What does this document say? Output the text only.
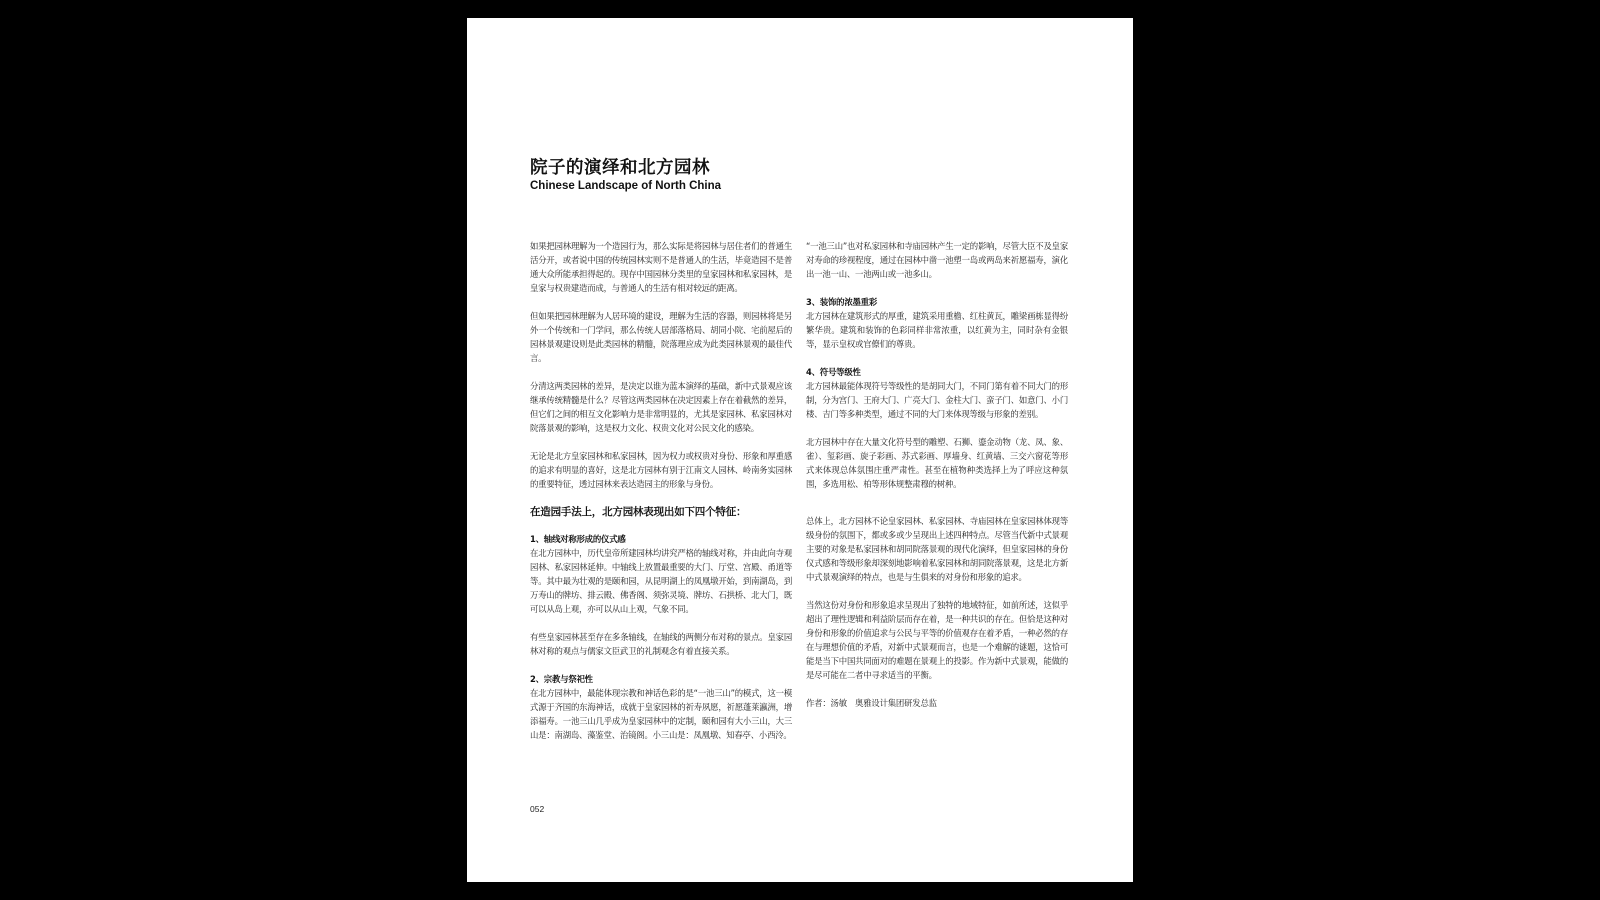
院子的演绎和北方园林
Chinese Landscape of North China

如果把园林理解为一个造园行为，那么实际是将园林与居住者们的普通生活分开，或者说中国的传统园林实则不是普通人的生活，毕竟造园不是普通大众所能承担得起的。现存中国园林分类里的皇家园林和私家园林，是皇家与权贵建造而成，与普通人的生活有相对较远的距离。

但如果把园林理解为人居环境的建设，理解为生活的容器，则园林将是另外一个传统和一门学问，那么传统人居部落格局、胡同小院、宅前屋后的园林景观建设则是此类园林的精髓，院落理应成为此类园林景观的最佳代言。

分清这两类园林的差异，是决定以谁为蓝本演绎的基础，新中式景观应该继承传统精髓是什么？尽管这两类园林在决定因素上存在着截然的差异，但它们之间的相互文化影响力是非常明显的，尤其是家园林、私家园林对院落景观的影响，这是权力文化、权贵文化对公民文化的感染。

无论是北方皇家园林和私家园林，因为权力或权贵对身份、形象和厚重感的追求有明显的喜好，这是北方园林有别于江南文人园林、岭南务实园林的重要特征，透过园林来表达造园主的形象与身份。

在造园手法上，北方园林表现出如下四个特征：
1、轴线对称形成的仪式感

在北方园林中，历代皇帝所建园林均讲究严格的轴线对称，并由此向寺观园林、私家园林延伸。中轴线上放置最重要的大门、厅堂、宫殿、甬道等等。其中最为壮观的是颐和园，从昆明湖上的凤凰墩开始，到南湖岛，到万寿山的牌坊、排云殿、佛香阁、须弥灵境、牌坊、石拱桥、北大门，既可以从岛上观，亦可以从山上观，气象不同。

有些皇家园林甚至存在多条轴线，在轴线的两侧分布对称的景点。皇家园林对称的观点与儒家文臣武卫的礼制观念有着直接关系。

2、宗教与祭祀性

在北方园林中，最能体现宗教和神话色彩的是“一池三山”的模式，这一模式源于齐国的东海神话，成就于皇家园林的祈寿夙愿，祈愿蓬莱瀛洲，增添福寿。一池三山几乎成为皇家园林中的定制，颐和园有大小三山，大三山是：南湖岛、藻鉴堂、治镜阁。小三山是：凤凰墩、知春亭、小西泠。

“一池三山”也对私家园林和寺庙园林产生一定的影响，尽管大臣不及皇家对寿命的珍视程度，通过在园林中凿一池塑一岛或两岛来祈愿福寿，演化出一池一山、一池两山或一池多山。

3、装饰的浓墨重彩

北方园林在建筑形式的厚重，建筑采用重檐、红柱黄瓦，雕梁画栋显得纷繁华贵。建筑和装饰的色彩同样非常浓重，以红黄为主，同时杂有金银等，显示皇权或官僚们的尊贵。

4、符号等级性

北方园林最能体现符号等级性的是胡同大门，不同门第有着不同大门的形制，分为宫门、王府大门、广亮大门、金柱大门、蛮子门、如意门、小门楼、吉门等多种类型，通过不同的大门来体现等级与形象的差别。

北方园林中存在大量文化符号型的雕塑、石狮、鎏金动物（龙、凤、象、雀）、玺彩画、旋子彩画、苏式彩画、厚墙身、红黄墙、三交六窗花等形式来体现总体氛围庄重严肃性。甚至在植物种类选择上为了呼应这种氛围，多选用松、柏等形体规整肃穆的树种。

总体上，北方园林不论皇家园林、私家园林、寺庙园林在皇家园林体现等级身份的氛围下，都或多或少呈现出上述四种特点。尽管当代新中式景观主要的对象是私家园林和胡同院落景观的现代化演绎，但皇家园林的身份仪式感和等级形象却深刻地影响着私家园林和胡同院落景观，这是北方新中式景观演绎的特点，也是与生俱来的对身份和形象的追求。

当然这份对身份和形象追求呈现出了独特的地域特征，如前所述，这似乎超出了理性逻辑和利益阶层而存在着，是一种共识的存在。但恰是这种对身份和形象的价值追求与公民与平等的价值观存在着矛盾，一种必然的存在与理想价值的矛盾，对新中式景观而言，也是一个难解的谜题，这恰可能是当下中国共同面对的难题在景观上的投影。作为新中式景观，能做的是尽可能在二者中寻求适当的平衡。

作者：汤敏　奥雅设计集团研发总监

052
